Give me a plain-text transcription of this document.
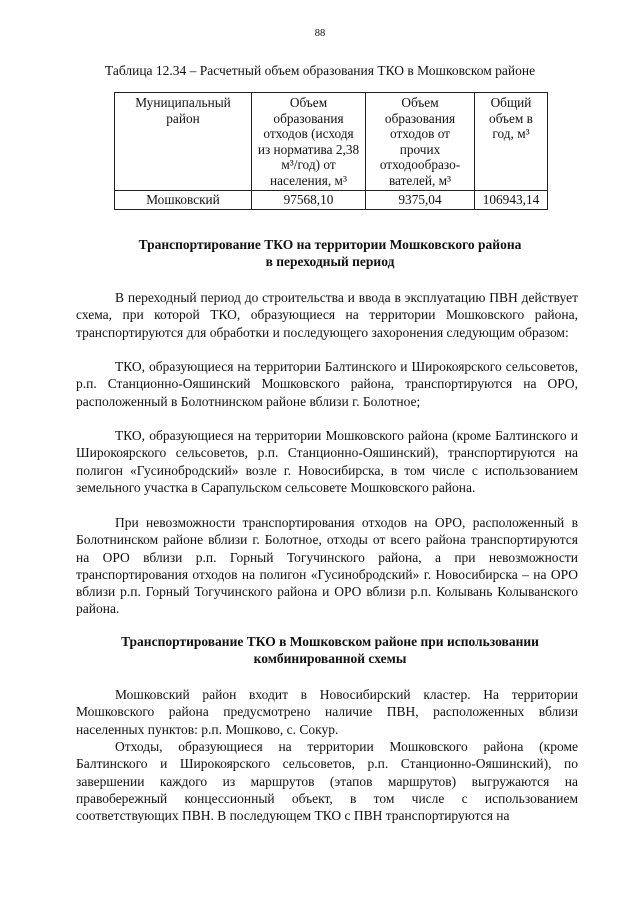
88
Таблица 12.34 – Расчетный объем образования ТКО в Мошковском районе
Муниципальный район	Объем образования отходов (исходя из норматива 2,38 м³/год) от населения, м³	Объем образования отходов от прочих отходообразо-вателей, м³	Общий объем в год, м³
Мошковский	97568,10	9375,04	106943,14
Транспортирование ТКО на территории Мошковского района
в переходный период
В переходный период до строительства и ввода в эксплуатацию ПВН действует схема, при которой ТКО, образующиеся на территории Мошковского района, транспортируются для обработки и последующего захоронения следующим образом:
ТКО, образующиеся на территории Балтинского и Широкоярского сельсоветов, р.п. Станционно-Ояшинский Мошковского района, транспортируются на ОРО, расположенный в Болотнинском районе вблизи г. Болотное;
ТКО, образующиеся на территории Мошковского района (кроме Балтинского и Широкоярского сельсоветов, р.п. Станционно-Ояшинский), транспортируются на полигон «Гусинобродский» возле г. Новосибирска, в том числе с использованием земельного участка в Сарапульском сельсовете Мошковского района.
При невозможности транспортирования отходов на ОРО, расположенный в Болотнинском районе вблизи г. Болотное, отходы от всего района транспортируются на ОРО вблизи р.п. Горный Тогучинского района, а при невозможности транспортирования отходов на полигон «Гусинобродский» г. Новосибирска – на ОРО вблизи р.п. Горный Тогучинского района и ОРО вблизи р.п. Колывань Колыванского района.
Транспортирование ТКО в Мошковском районе при использовании
комбинированной схемы
Мошковский район входит в Новосибирский кластер. На территории Мошковского района предусмотрено наличие ПВН, расположенных вблизи населенных пунктов: р.п. Мошково, с. Сокур.
Отходы, образующиеся на территории Мошковского района (кроме Балтинского и Широкоярского сельсоветов, р.п. Станционно-Ояшинский), по завершении каждого из маршрутов (этапов маршрутов) выгружаются на правобережный концессионный объект, в том числе с использованием соответствующих ПВН. В последующем ТКО с ПВН транспортируются на
